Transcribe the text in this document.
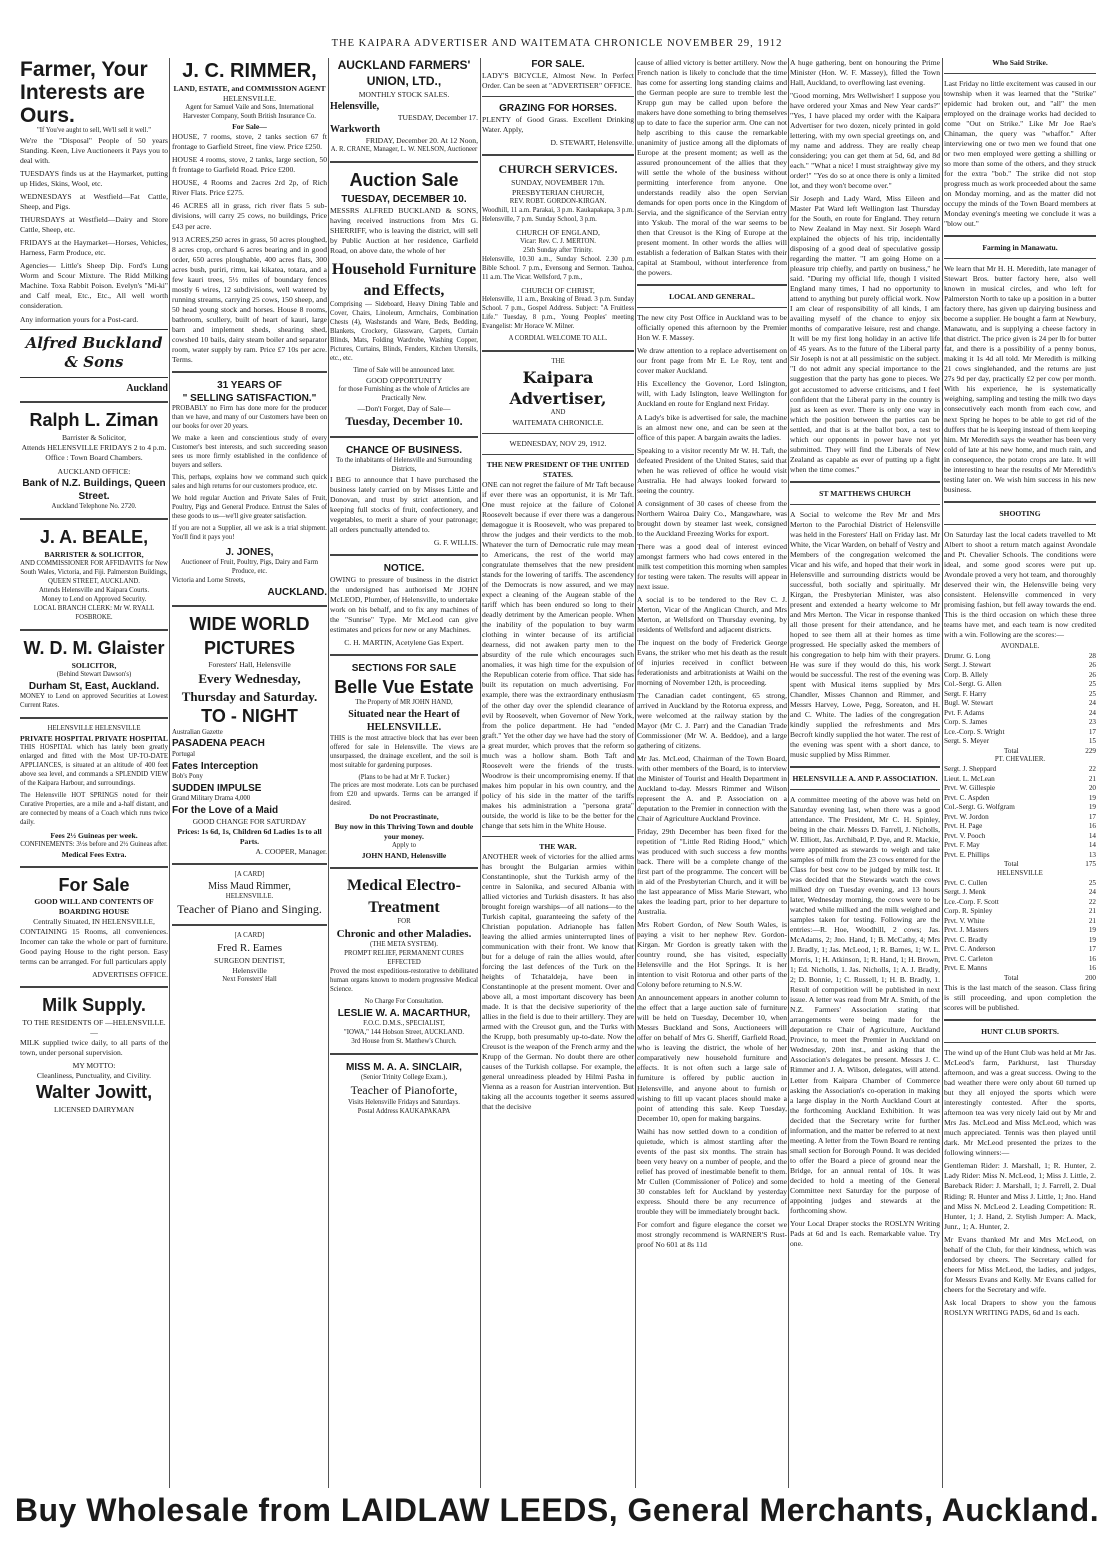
THE KAIPARA ADVERTISER AND WAITEMATA CHRONICLE NOVEMBER 29, 1912
Farmer, Your Interests are Ours.
"If You've aught to sell, We'll sell it well."

We're the "Disposal" People of 50 years Standing. Keen, Live Auctioneers it Pays you to deal with.

TUESDAYS finds us at the Haymarket, putting up Hides, Skins, Wool, etc.

WEDNESDAYS at Westfield—Fat Cattle, Sheep, and Pigs.

THURSDAYS at Westfield—Dairy and Store Cattle, Sheep, etc.

FRIDAYS at the Haymarket—Horses, Vehicles, Harness, Farm Produce, etc.

Agencies— Little's Sheep Dip. Ford's Lung Worm and Scour Mixture. The Ridd Milking Machine. Toxa Rabbit Poison. Evelyn's "Mi-ki" and Calf meal, Etc., Etc., All well worth consideration.

Any information yours for a Post-card.

Alfred Buckland & Sons
Auckland
Ralph L. Ziman
Barrister & Solicitor,
Attends HELENSVILLE FRIDAYS 2 to 4 p.m.
Office : Town Board Chambers.
AUCKLAND OFFICE:
Bank of N.Z. Buildings, Queen Street.
Auckland Telephone No. 2720.
J. A. BEALE,
BARRISTER & SOLICITOR,
AND COMMISSIONER FOR AFFIDAVITS for New South Wales, Victoria, and Fiji. Palmerston Buildings, QUEEN STREET, AUCKLAND.
Attends Helensville and Kaipara Courts.
Money to Lend on Approved Security.
LOCAL BRANCH CLERK: Mr W. RYALL FOSBROKE.
W. D. M. Glaister
SOLICITOR,
(Behind Stewart Dawson's)
Durham St, East, Auckland.

MONEY to Lend on approved Securities at Lowest Current Rates.

HELENSVILLE HELENSVILLE
PRIVATE HOSPITAL PRIVATE HOSPITAL

THIS HOSPITAL which has lately been greatly enlarged and fitted with the Most UP-TO-DATE APPLIANCES, is situated at an altitude of 400 feet above sea level, and commands a SPLENDID VIEW of the Kaipara Harbour, and surroundings.

The Helensville HOT SPRINGS noted for their Curative Properties, are a mile and a-half distant, and are connected by means of a Coach which runs twice daily.

Fees 2½ Guineas per week.
CONFINEMENTS: 3½s before and 2½ Guineas after.
Medical Fees Extra.
For Sale
GOOD WILL AND CONTENTS OF BOARDING HOUSE
Centrally Situated, IN HELENSVILLE,

CONTAINING 15 Rooms, all conveniences. Incomer can take the whole or part of furniture. Good paying House to the right person. Easy terms can be arranged. For full particulars apply

ADVERTISES OFFICE.
Milk Supply.
TO THE RESIDENTS OF —HELENSVILLE.—

MILK supplied twice daily, to all parts of the town, under personal supervision.

MY MOTTO:
Cleanliness, Punctuality, and Civility.
Walter Jowitt,
LICENSED DAIRYMAN
J. C. RIMMER,
LAND, ESTATE, and COMMISSION AGENT
HELENSVILLE.
Agent for Samuel Vaile and Sons, International Harvester Company, South British Insurance Co.
For Sale—

HOUSE, 7 rooms, stove, 2 tanks section 67 ft frontage to Garfield Street, fine view. Price £250.

HOUSE 4 rooms, stove, 2 tanks, large section, 50 ft frontage to Garfield Road. Price £200.

HOUSE, 4 Rooms and 2acres 2rd 2p, of Rich River Flats. Price £275.

46 ACRES all in grass, rich river flats 5 sub-divisions, will carry 25 cows, no buildings, Price £43 per acre.

913 ACRES,250 acres in grass, 50 acres ploughed, 8 acres crop, orchard 6 acres bearing and in good order, 650 acres ploughable, 400 acres flats, 300 acres bush, puriri, rimu, kai kikatea, totara, and a few kauri trees, 5½ miles of boundary fences mostly 6 wires, 12 subdivisions, well watered by running streams, carrying 25 cows, 150 sheep, and 50 head young stock and horses. House 8 rooms, bathroom, scullery, built of heart of kauri, large barn and implement sheds, shearing shed, cowshed 10 bails, dairy steam boiler and separator room, water supply by ram. Price £7 10s per acre. Terms.

31 YEARS OF
" SELLING SATISFACTION."

PROBABLY no Firm has done more for the producer than we have, and many of our Customers have been on our books for over 20 years.

We make a keen and conscientious study of every Customer's best interests, and such succeeding season sees us more firmly established in the confidence of buyers and sellers.

This, perhaps, explains how we command such quick sales and high returns for our customers produce, etc.

We hold regular Auction and Private Sales of Fruit, Poultry, Pigs and General Produce. Entrust the Sales of these goods to us—we'll give greater satisfaction.

If you are not a Supplier, all we ask is a trial shipment. You'll find it pays you!

J. JONES,
Auctioneer of Fruit, Poultry, Pigs, Dairy and Farm Produce, etc.
Victoria and Lorne Streets,
AUCKLAND.
WIDE WORLD PICTURES
Foresters' Hall, Helensville
Every Wednesday, Thursday and Saturday.
TO - NIGHT
Australian Gazette
PASADENA PEACH
Portugal
Fates Interception
Bob's Pony
SUDDEN IMPULSE
Grand Military Drama 4,000
For the Love of a Maid
GOOD CHANGE FOR SATURDAY
Prices: 1s 6d, 1s, Children 6d Ladies 1s to all Parts.
A. COOPER, Manager.
[A CARD]
Miss Maud Rimmer,
HELENSVILLE.
Teacher of Piano and Singing.
[A CARD]
Fred R. Eames
SURGEON DENTIST,
Helensville
Next Foresters' Hall
AUCKLAND FARMERS' UNION, LTD.,
MONTHLY STOCK SALES.
Helensville,
TUESDAY, December 17.
Warkworth
FRIDAY, December 20. At 12 Noon,
A. R. CRANE, Manager, L. W. NELSON, Auctioneer
Auction Sale
TUESDAY, DECEMBER 10.

MESSRS ALFRED BUCKLAND & SONS, having received instructions from Mrs G. SHERRIFF, who is leaving the district, will sell by Public Auction at her residence, Garfield Road, on above date, the whole of her

Household Furniture and Effects,

Comprising — Sideboard, Heavy Dining Table and Cover, Chairs, Linoleum, Armchairs, Combination Chests (4), Washstands and Ware, Beds, Bedding, Blankets, Crockery, Glassware, Carpets, Curtain Blinds, Mats, Folding Wardrobe, Washing Copper, Pictures, Curtains, Blinds, Fenders, Kitchen Utensils, etc., etc.

Time of Sale will be announced later.
GOOD OPPORTUNITY
for those Furnishing as the whole of Articles are Practically New.
—Don't Forget, Day of Sale—
Tuesday, December 10.
CHANCE OF BUSINESS.
To the inhabitants of Helensville and Surrounding Districts,

I BEG to announce that I have purchased the business lately carried on by Misses Little and Donovan, and trust by strict attention, and keeping full stocks of fruit, confectionery, and vegetables, to merit a share of your patronage; all orders punctually attended to.

G. F. WILLIS.
NOTICE.

OWING to pressure of business in the district the undersigned has authorised Mr JOHN McLEOD, Plumber, of Helensville, to undertake work on his behalf, and to fix any machines of the "Sunrise" Type. Mr McLeod can give estimates and prices for new or any Machines.

C. H. MARTIN, Acetylene Gas Expert.
SECTIONS FOR SALE
Belle Vue Estate
The Property of MR JOHN HAND,
Situated near the Heart of HELENSVILLE.

THIS is the most attractive block that has ever been offered for sale in Helensville. The views are unsurpassed, the drainage excellent, and the soil is most suitable for gardening purposes.

(Plans to be had at Mr F. Tucker.)

The prices are most moderate. Lots can be purchased from £20 and upwards. Terms can be arranged if desired.

Do not Procrastinate,
Buy now in this Thriving Town and double your money.
Apply to
JOHN HAND, Helensville
Medical Electro-Treatment
FOR
Chronic and other Maladies.
(THE META SYSTEM).
PROMPT RELIEF, PERMANENT CURES EFFECTED

Proved the most expeditious-restorative to debilitated human organs known to modern progressive Medical Science.

No Charge For Consultation.
LESLIE W. A. MACARTHUR,
F.O.C. D.M.S., SPECIALIST,
"IOWA," 144 Hobson Street, AUCKLAND.
3rd House from St. Matthew's Church.
MISS M. A. A. SINCLAIR,
(Senior Trinity College Exam.),
Teacher of Pianoforte,
Visits Helensville Fridays and Saturdays.
Postal Address KAUKAPAKAPA
FOR SALE.

LADY'S BICYCLE, Almost New. In Perfect Order. Can be seen at "ADVERTISER" OFFICE.

GRAZING FOR HORSES.

PLENTY of Good Grass. Excellent Drinking Water. Apply,

D. STEWART, Helensville.
CHURCH SERVICES.
SUNDAY, NOVEMBER 17th.
PRESBYTERIAN CHURCH,
REV. ROBT. GORDON-KIRGAN.

Woodhill, 11 a.m. Parakai, 3 p.m. Kaukapakapa, 3 p.m. Helensville, 7 p.m. Sunday School, 3 p.m.

CHURCH OF ENGLAND,
Vicar: Rev. C. J. MERTON.
25th Sunday after Trinity.

Helensville, 10.30 a.m., Sunday School. 2.30 p.m. Bible School. 7 p.m., Evensong and Sermon. Tauhoa, 11 a.m. The Vicar. Wellsford, 7 p.m.,

CHURCH OF CHRIST,

Helensville, 11 a.m., Breaking of Bread. 3 p.m. Sunday School. 7 p.m., Gospel Address. Subject: "A Fruitless Life." Tuesday, 8 p.m., Young Peoples' meeting Evangelist: Mr Horace W. Milner.

A CORDIAL WELCOME TO ALL.
THE
Kaipara Advertiser,
AND
WAITEMATA CHRONICLE.
WEDNESDAY, NOV 29, 1912.
THE NEW PRESIDENT OF THE UNITED STATES.

ONE can not regret the failure of Mr Taft because if ever there was an opportunist, it is Mr Taft. One must rejoice at the failure of Colonel Roosevelt because if ever there was a dangerous demagogue it is Roosevelt, who was prepared to throw the judges and their verdicts to the mob. Whatever the turn of Democratic rule may mean to Americans, the rest of the world may congratulate themselves that the new president stands for the lowering of tariffs. The ascendency of the Democrats is now assured, and we may expect a cleaning of the Augean stable of the tariff which has been endured so long to their deadly detriment by the American people. When the inability of the population to buy warm clothing in winter because of its artificial dearness, did not awaken party men to the absurdity of the rule which encourages such anomalies, it was high time for the expulsion of the Republican coterie from office. That side has built its reputation on much advertising. For example, there was the extraordinary enthusiasm of the other day over the splendid clearance of evil by Roosevelt, when Governor of New York, from the police department. He had "ended graft." Yet the other day we have had the story of a great murder, which proves that the reform so much was a hollow sham. Both Taft and Roosevelt were the friends of the trusts. Woodrow is their uncompromising enemy. If that makes him popular in his own country, and the policy of his side in the matter of the tariffs makes his administration a "persona grata" outside, the world is like to be the better for the change that sets him in the White House.

THE WAR.

ANOTHER week of victories for the allied arms has brought the Bulgarian armies within Constantinople, shut the Turkish army of the centre in Salonika, and secured Albania with allied victories and Turkish disasters. It has also brought foreign warships—of all nations—to the Turkish capital, guaranteeing the safety of the Christian population. Adrianople has fallen leaving the allied armies uninterrupted lines of communication with their front. We know that but for a deluge of rain the allies would, after forcing the last defences of the Turk on the heights of Tchataldeja, have been in Constantinople at the present moment. Over and above all, a most important discovery has been made. It is that the decisive superiority of the allies in the field is due to their artillery. They are armed with the Creusot gun, and the Turks with the Krupp, both presumably up-to-date. Now the Creusot is the weapon of the French army and the Krupp of the German. No doubt there are other causes of the Turkish collapse. For example, the general unreadiness pleaded by Hilmi Pasha in Vienna as a reason for Austrian intervention. But taking all the accounts together it seems assured that the decisive

cause of allied victory is better artillery. Now the French nation is likely to conclude that the time has come for asserting long standing claims and the German people are sure to tremble lest the Krupp gun may be called upon before the makers have done something to bring themselves up to date to face the superior arm. One can not help ascribing to this cause the remarkable unanimity of justice among all the diplomats of Europe at the present moment; as well as the assured pronouncement of the allies that they will settle the whole of the business without permitting interference from anyone. One understands readily also the open Servian demands for open ports once in the Kingdom of Servia, and the significance of the Servian entry into Yskub. The moral of the war seems to be then that Creusot is the King of Europe at the present moment. In other words the allies will establish a federation of Balkan States with their capital at Stamboul, without interference from the powers.

LOCAL AND GENERAL.

The new city Post Office in Auckland was to be officially opened this afternoon by the Premier Hon W. F. Massey.

We draw attention to a replace advertisement on our front page from Mr E. Le Roy, tent and cover maker Auckland.

His Excellency the Govenor, Lord Islington, will, with Lady Islington, leave Wellington for Auckland en route for England next Friday.

A Lady's bike is advertised for sale, the machine is an almost new one, and can be seen at the office of this paper. A bargain awaits the ladies.

Speaking to a visitor recently Mr W. H. Taft, the defeated President of the United States, said that when he was relieved of office he would visit Australia. He had always looked forward to seeing the country.

A consignment of 30 cases of cheese from the Northern Wairoa Dairy Co., Mangawhare, was brought down by steamer last week, consigned to the Auckland Freezing Works for export.

There was a good deal of interest evinced amongst farmers who had cows entered in the milk test competition this morning when samples for testing were taken. The results will appear in next issue.

A social is to be tendered to the Rev C. J. Merton, Vicar of the Anglican Church, and Mrs Merton, at Wellsford on Thursday evening, by residents of Wellsford and adjacent districts.

The inquest on the body of Frederick George Evans, the striker who met his death as the result of injuries received in conflict between federationists and arbitrationists at Waihi on the morning of November 12th, is proceeding.

The Canadian cadet contingent, 65 strong, arrived in Auckland by the Rotorua express, and were welcomed at the railway station by the Mayor (Mr C. J. Parr) and the Canadian Trade Commissioner (Mr W. A. Beddoe), and a large gathering of citizens.

Mr Jas. McLeod, Chairman of the Town Board, with other members of the Board, is to interview the Minister of Tourist and Health Department in Auckland to-day. Messrs Rimmer and Wilson represent the A. and P. Association on a deputation to the Premier in connection with the Chair of Agriculture Auckland Province.

Friday, 29th December has been fixed for the repetition of "Little Red Riding Hood," which was produced with such success a few months back. There will be a complete change of the first part of the programme. The concert will be in aid of the Presbyterian Church, and it will be the last appearance of Miss Marie Stewart, who takes the leading part, prior to her departure to Australia.

Mrs Robert Gordon, of New South Wales, is paying a visit to her nephew Rev. Gordon-Kirgan. Mr Gordon is greatly taken with the country round, she has visited, especially Helensville and the Hot Springs. It is her intention to visit Rotorua and other parts of the Colony before returning to N.S.W.

An announcement appears in another column to the effect that a large auction sale of furniture will be held on Tuesday, December 10, when Messrs Buckland and Sons, Auctioneers will offer on behalf of Mrs G. Sheriff, Garfield Road, who is leaving the district, the whole of her comparatively new household furniture and effects. It is not often such a large sale of furniture is offered by public auction in Helensville, and anyone about to furnish or wishing to fill up vacant places should make a point of attending this sale. Keep Tuesday, December 10, open for making bargains.

Waihi has now settled down to a condition of quietude, which is almost startling after the events of the past six months. The strain has been very heavy on a number of people, and the relief has proved of inestimable benefit to them. Mr Cullen (Commissioner of Police) and some 30 constables left for Auckland by yesterday express. Should there be any recurrence of trouble they will be immediately brought back.

For comfort and figure elegance the corset we most strongly recommend is WARNER'S Rust-proof No 601 at 8s 11d

A huge gathering, bent on honouring the Prime Minister (Hon. W. F. Massey), filled the Town Hall, Auckland, to overflowing last evening.

"Good morning, Mrs Wellwisher! I suppose you have ordered your Xmas and New Year cards?" "Yes, I have placed my order with the Kaipara Advertiser for two dozen, nicely printed in gold lettering, with my own special greetings on, and my name and address. They are really cheap considering; you can get them at 5d, 6d, and 8d each." "What a nice! I must straightway give my order!" "Yes do so at once there is only a limited lot, and they won't become over."

Sir Joseph and Lady Ward, Miss Eileen and Master Pat Ward left Wellington last Thursday for the South, en route for England. They return to New Zealand in May next. Sir Joseph Ward explained the objects of his trip, incidentally disposing of a good deal of speculative gossip regarding the matter. "I am going Home on a pleasure trip chiefly, and partly on business," he said. "During my official life, though I visited England many times, I had no opportunity to attend to anything but purely official work. Now I am clear of responsibility of all kinds, I am availing myself of the chance to enjoy six months of comparative leisure, rest and change. It will be my first long holiday in an active life of 45 years. As to the future of the Liberal party Sir Joseph is not at all pessimistic on the subject. "I do not admit any special importance to the suggestion that the party has gone to pieces. We got accustomed to adverse criticisms, and I feel confident that the Liberal party in the country is just as keen as ever. There is only one way in which the position between the parties can be settled, and that is at the ballot box, a test to which our opponents in power have not yet submitted. They will find the Liberals of New Zealand as capable as ever of putting up a fight when the time comes."

ST MATTHEWS CHURCH

A Social to welcome the Rev Mr and Mrs Merton to the Parochial District of Helensville was held in the Foresters' Hall on Friday last. Mr White, the Vicar Warden, on behalf of Vestry and Members of the congregation welcomed the Vicar and his wife, and hoped that their work in Helensville and surrounding districts would be successful, both socially and spiritually. Mr Kirgan, the Presbyterian Minister, was also present and extended a hearty welcome to Mr and Mrs Merton. The Vicar in response thanked all those present for their attendance, and he hoped to see them all at their homes as time progressed. He specially asked the members of his congregation to help him with their prayers. He was sure if they would do this, his work would be successful. The rest of the evening was spent with Musical items supplied by Mrs Chandler, Misses Channon and Rimmer, and Messrs Harvey, Lowe, Pegg, Soreaton, and H. and C. White. The ladies of the congregation kindly supplied the refreshments and Mrs Becroft kindly supplied the hot water. The rest of the evening was spent with a short dance, to music supplied by Miss Rimmer.

HELENSVILLE A. AND P. ASSOCIATION.

A committee meeting of the above was held on Saturday evening last, when there was a good attendance. The President, Mr C. H. Spinley, being in the chair. Messrs D. Farrell, J. Nicholls, W. Elliott, Jas. Archibald, P. Dye, and R. Mackie, were appointed as stewards to weigh and take samples of milk from the 23 cows entered for the Class for best cow to be judged by milk test. It was decided that the Stewards watch the cows milked dry on Tuesday evening, and 13 hours later, Wednesday morning, the cows were to be watched while milked and the milk weighed and samples taken for testing. Following are the entries:—R. Hoe, Woodhill, 2 cows; Jas. McAdams, 2; Jno. Hand, 1; B. McCathy, 4; Mrs J. Bradly, 1; Jas. McLeod, 1; R. Barnes, 1; W. L. Morris, 1; H. Atkinson, 1; R. Hand, 1; H. Brown, 1; Ed. Nicholls, 1. Jas. Nicholls, 1; A. J. Bradly, 2; D. Bonnie, 1; C. Russell, 1; H. B. Bradly, 1. Result of competition will be published in next issue. A letter was read from Mr A. Smith, of the N.Z. Farmers' Association stating that arrangements were being made for the deputation re Chair of Agriculture, Auckland Province, to meet the Premier in Auckland on Wednesday, 20th inst., and asking that the Association's delegates be present. Messrs J. C. Rimmer and J. A. Wilson, delegates, will attend. Letter from Kaipara Chamber of Commerce asking the Association's co-operation in making a large display in the North Auckland Court at the forthcoming Auckland Exhibition. It was decided that the Secretary write for further information, and the matter be referred to at next meeting. A letter from the Town Board re renting small section for Borough Pound. It was decided to offer the Board a piece of ground near the Bridge, for an annual rental of 10s. It was decided to hold a meeting of the General Committee next Saturday for the purpose of appointing judges and stewards at the forthcoming show.

Your Local Draper stocks the ROSLYN Writing Pads at 6d and 1s each. Remarkable value. Try one.

Who Said Strike.

Last Friday no little excitement was caused in our township when it was learned that the "Strike" epidemic had broken out, and "all" the men employed on the drainage works had decided to come "Out on Strike." Like Mr Joe Rae's Chinaman, the query was "whaffor." After interviewing one or two men we found that one or two men employed were getting a shilling or so more than some of the others, and they struck for the extra "bob." The strike did not stop progress much as work proceeded about the same on Monday morning, and as the matter did not occupy the minds of the Town Board members at Monday evening's meeting we conclude it was a "blow out."

Farming in Manawatu.

We learn that Mr H. H. Meredith, late manager of Stewart Bros. butter factory here, also well known in musical circles, and who left for Palmerston North to take up a position in a butter factory there, has given up dairying business and become a supplier. He bought a farm at Newbury, Manawatu, and is supplying a cheese factory in that district. The price given is 24 per lb for butter fat, and there is a possibility of a penny bonus, making it 1s 4d all told. Mr Meredith is milking 21 cows singlehanded, and the returns are just 27s 9d per day, practically £2 per cow per month. With his experience, he is systematically weighing, sampling and testing the milk two days consecutively each month from each cow, and next Spring he hopes to be able to get rid of the duffers that he is keeping instead of them keeping him. Mr Meredith says the weather has been very cold of late at his new home, and much rain, and in consequence, the potato crops are late. It will be interesting to hear the results of Mr Meredith's testing later on. We wish him success in his new business.

SHOOTING

On Saturday last the local cadets travelled to Mt Albert to shoot a return match against Avondale and Pt. Chevalier Schools. The conditions were ideal, and some good scores were put up. Avondale proved a very hot team, and thoroughly deserved their win, the Helensville being very consistent. Helensville commenced in very promising fashion, but fell away towards the end. This is the third occasion on which these three teams have met, and each team is now credited with a win. Following are the scores:—

AVONDALE.
Drumr. G. Long	28
Sergt. J. Stewart	26
Corp. B. Allely	26
Col.-Sergt. G. Allen	25
Sergt. F. Harry	25
Bugl. W. Stewart	24
Pvt. F. Adams	24
Corp. S. James	23
Lce.-Corp. S. Wright	17
Sergt. S. Meyer	15
Total	229
PT. CHEVALIER.
Sergt. J. Sheppard	22
Lieut. L. McLean	21
Prvt. W. Gillespie	20
Prvt. C. Aspden	19
Col.-Sergt. G. Wolfgram	19
Prvt. W. Jordon	17
Prvt. H. Page	16
Prvt. V. Pooch	14
Prvt. F. May	14
Prvt. E. Phillips	13
Total	175
HELENSVILLE
Prvt. C. Cullen	25
Sergt. J. Menk	24
Lce.-Corp. F. Scott	22
Corp. R. Spinley	21
Prvt. V. White	21
Prvt. J. Masters	19
Prvt. C. Bradly	19
Prvt. C. Anderson	17
Prvt. C. Carleton	16
Prvt. E. Manns	16
Total	200

This is the last match of the season. Class firing is still proceeding, and upon completion the scores will be published.

HUNT CLUB SPORTS.

The wind up of the Hunt Club was held at Mr Jas. McLeod's farm, Parkhurst, last Thursday afternoon, and was a great success. Owing to the bad weather there were only about 60 turned up but they all enjoyed the sports which were interestingly contested. After the sports, afternoon tea was very nicely laid out by Mr and Mrs Jas. McLeod and Miss McLeod, which was much appreciated. Tennis was then played until dark. Mr McLeod presented the prizes to the following winners:—

Gentleman Rider: J. Marshall, 1; R. Hunter, 2. Lady Rider: Miss N. McLeod, 1; Miss J. Little, 2. Bareback Rider: J. Marshall, 1; J. Farrell, 2. Dual Riding: R. Hunter and Miss J. Little, 1; Jno. Hand and Miss N. McLeod 2. Leading Competition: R. Hunter, 1; J. Hand, 2. Stylish Jumper: A. Mack, Junr., 1; A. Hunter, 2.

Mr Evans thanked Mr and Mrs McLeod, on behalf of the Club, for their kindness, which was endorsed by cheers. The Secretary called for cheers for Miss McLeod, the ladies, and judges, for Messrs Evans and Kelly. Mr Evans called for cheers for the Secretary and wife.

Ask local Drapers to show you the famous ROSLYN WRITING PADS, 6d and 1s each.

Buy Wholesale from LAIDLAW LEEDS, General Merchants, Auckland.
